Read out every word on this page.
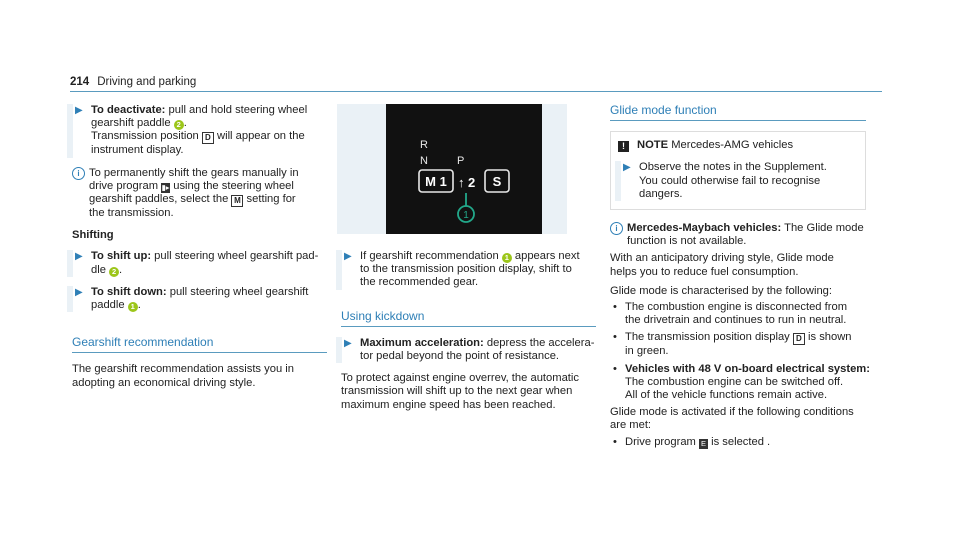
214 Driving and parking
▶ To deactivate: pull and hold steering wheel
gearshift paddle 2 .
Transmission position D will appear on the
instrument display.
i To permanently shift the gears manually in
drive program ▮▸ using the steering wheel
gearshift paddles, select the M setting for
the transmission.
Shifting
▶ To shift up: pull steering wheel gearshift pad-
dle 2 .
▶ To shift down: pull steering wheel gearshift
paddle 1 .
Gearshift recommendation
The gearshift recommendation assists you in
adopting an economical driving style.
R
N	P
M 1 ↑ 2 S
1
▶ If gearshift recommendation 1 appears next
to the transmission position display, shift to
the recommended gear.
Using kickdown
▶ Maximum acceleration: depress the accelera-
tor pedal beyond the point of resistance.
To protect against engine overrev, the automatic
transmission will shift up to the next gear when
maximum engine speed has been reached.
Glide mode function
! NOTE Mercedes-AMG vehicles
▶ Observe the notes in the Supplement.
You could otherwise fail to recognise
dangers.
i Mercedes-Maybach vehicles: The Glide mode
function is not available.
With an anticipatory driving style, Glide mode
helps you to reduce fuel consumption.
Glide mode is characterised by the following:
• The combustion engine is disconnected from
the drivetrain and continues to run in neutral.
• The transmission position display D is shown
in green.
• Vehicles with 48 V on-board electrical system:
The combustion engine can be switched off.
All of the vehicle functions remain active.
Glide mode is activated if the following conditions
are met:
• Drive program E is selected .
